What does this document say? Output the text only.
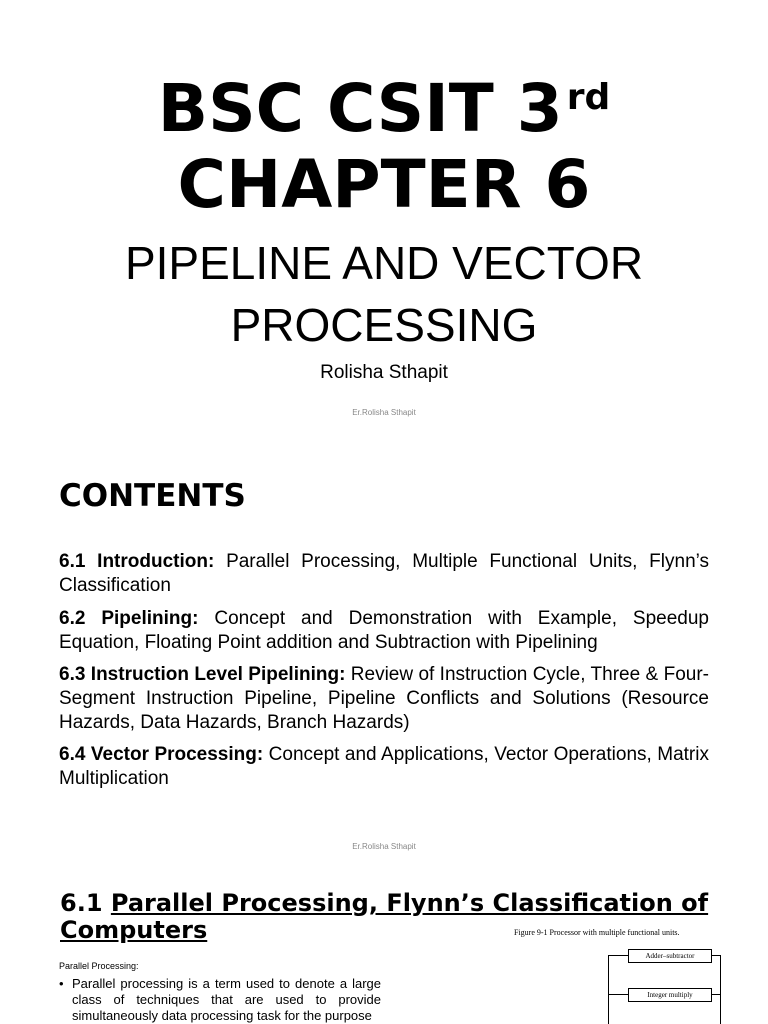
BSC CSIT 3 $^{rd}$
CHAPTER 6
PIPELINE AND VECTOR
PROCESSING
Rolisha Sthapit
Er.Rolisha Sthapit
CONTENTS
6.1 Introduction: Parallel Processing, Multiple Functional Units, Flynn’s Classification
6.2 Pipelining: Concept and Demonstration with Example, Speedup Equation, Floating Point addition and Subtraction with Pipelining
6.3 Instruction Level Pipelining: Review of Instruction Cycle, Three & Four-Segment Instruction Pipeline, Pipeline Conflicts and Solutions (Resource Hazards, Data Hazards, Branch Hazards)
6.4 Vector Processing: Concept and Applications, Vector Operations, Matrix Multiplication
Er.Rolisha Sthapit
6.1 Parallel Processing, Flynn’s Classification of Computers
Parallel Processing:
• Parallel processing is a term used to denote a large class of techniques that are used to provide simultaneously data processing task for the purpose
Figure 9-1 Processor with multiple functional units.
Adder–subtractor
Integer multiply
